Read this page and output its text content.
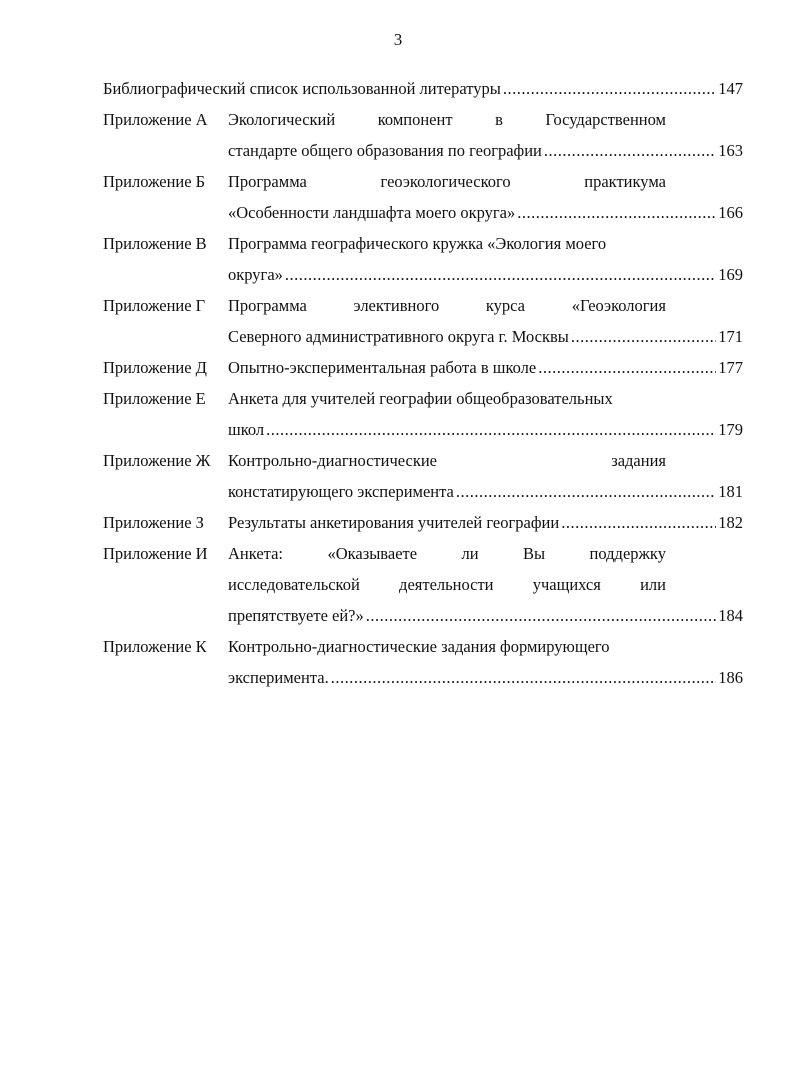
3
Библиографический список использованной литературы .....	147
Приложение А	Экологический	компонент	в	Государственном
стандарте общего образования по географии .....	163
Приложение Б	Программа	геоэкологического	практикума
«Особенности ландшафта моего округа» .....	166
Приложение В	Программа географического кружка «Экология моего
округа» .....	169
Приложение Г	Программа	элективного	курса	«Геоэкология
Северного административного округа г. Москвы .....	171
Приложение Д	Опытно-экспериментальная работа в школе .....	177
Приложение Е	Анкета для учителей географии общеобразовательных
школ .....	179
Приложение Ж	Контрольно-диагностические	задания
констатирующего эксперимента .....	181
Приложение З	Результаты анкетирования учителей географии .....	182
Приложение И	Анкета:	«Оказываете	ли	Вы	поддержку
исследовательской деятельности учащихся или
препятствуете ей?» .....	184
Приложение К	Контрольно-диагностические задания формирующего
эксперимента. .....	186
